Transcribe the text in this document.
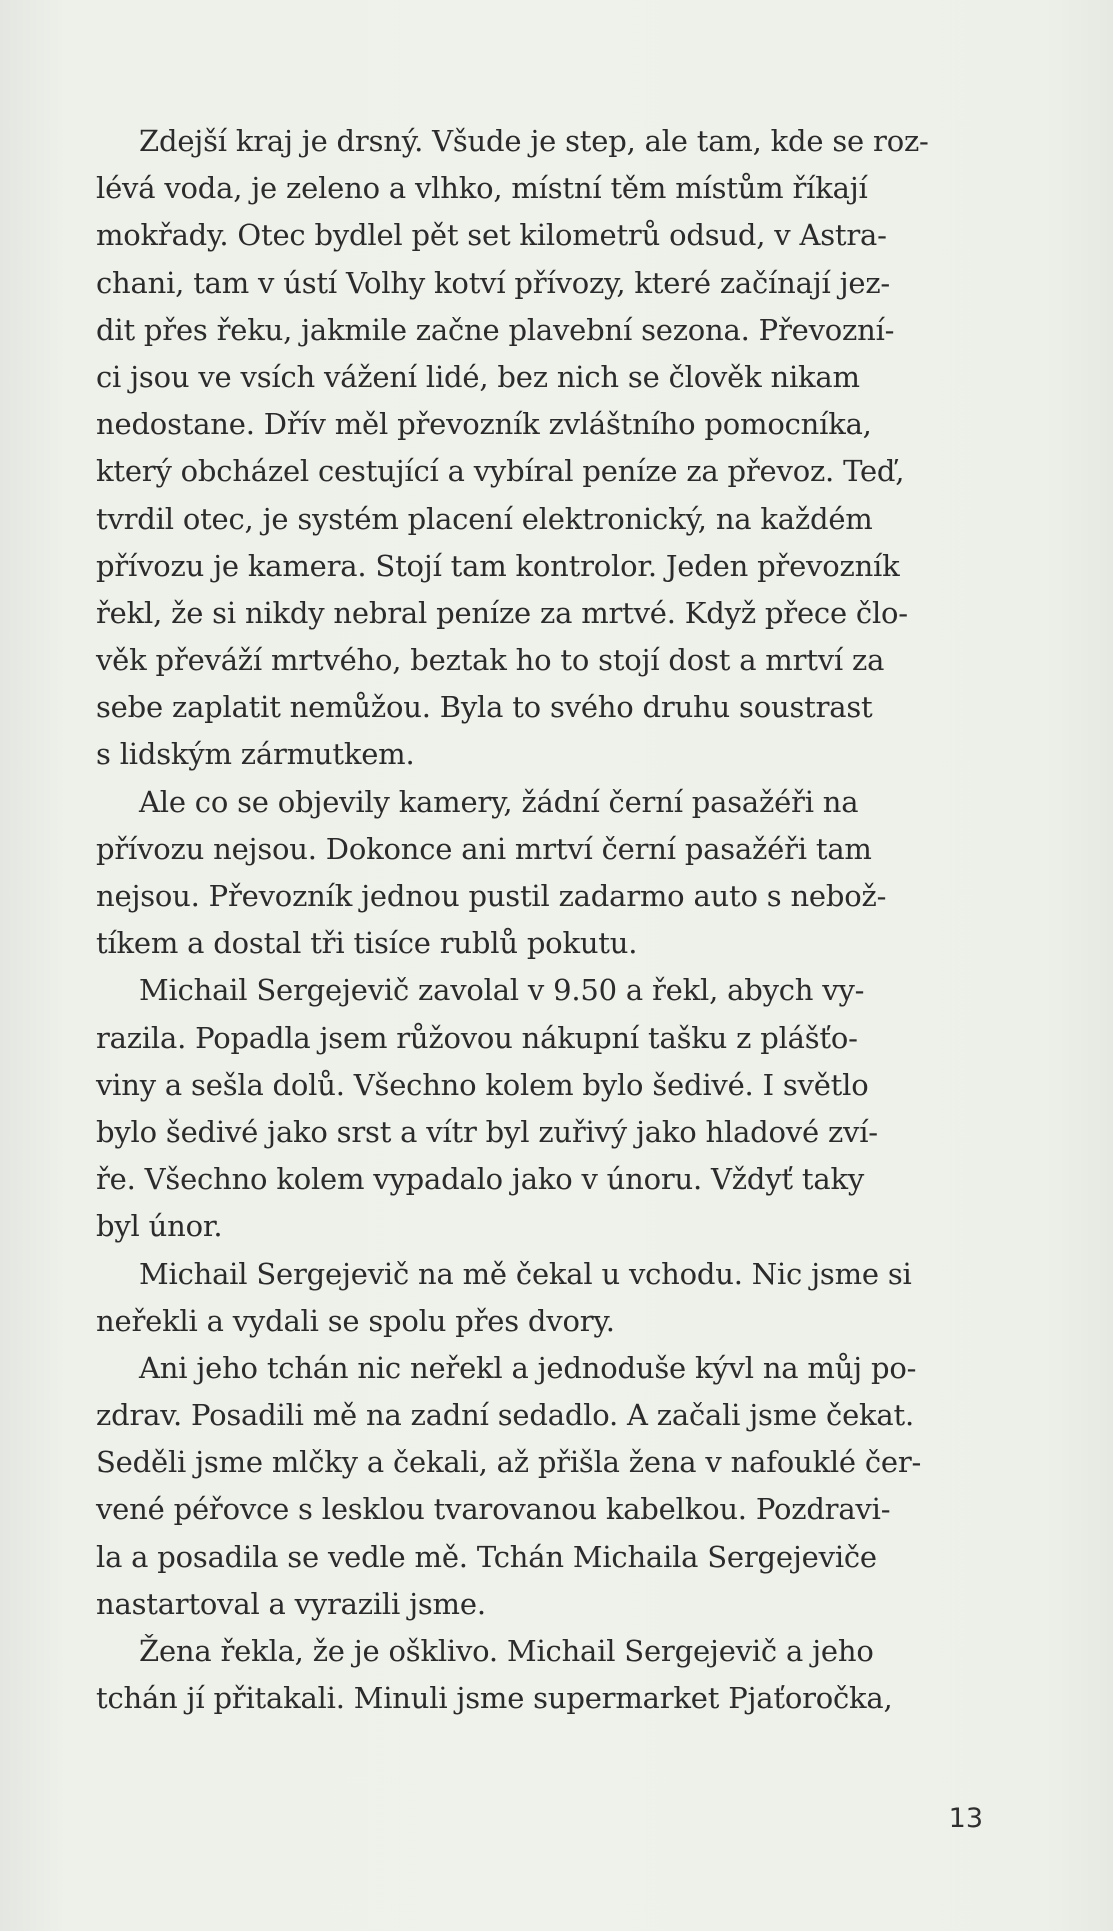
Zdejší kraj je drsný. Všude je step, ale tam, kde se roz-
lévá voda, je zeleno a vlhko, místní těm místům říkají
mokřady. Otec bydlel pět set kilometrů odsud, v Astra-
chani, tam v ústí Volhy kotví přívozy, které začínají jez-
dit přes řeku, jakmile začne plavební sezona. Převozní-
ci jsou ve vsích vážení lidé, bez nich se člověk nikam
nedostane. Dřív měl převozník zvláštního pomocníka,
který obcházel cestující a vybíral peníze za převoz. Teď,
tvrdil otec, je systém placení elektronický, na každém
přívozu je kamera. Stojí tam kontrolor. Jeden převozník
řekl, že si nikdy nebral peníze za mrtvé. Když přece člo-
věk převáží mrtvého, beztak ho to stojí dost a mrtví za
sebe zaplatit nemůžou. Byla to svého druhu soustrast
s lidským zármutkem.
Ale co se objevily kamery, žádní černí pasažéři na
přívozu nejsou. Dokonce ani mrtví černí pasažéři tam
nejsou. Převozník jednou pustil zadarmo auto s nebož-
tíkem a dostal tři tisíce rublů pokutu.
Michail Sergejevič zavolal v 9.50 a řekl, abych vy-
razila. Popadla jsem růžovou nákupní tašku z plášťo-
viny a sešla dolů. Všechno kolem bylo šedivé. I světlo
bylo šedivé jako srst a vítr byl zuřivý jako hladové zví-
ře. Všechno kolem vypadalo jako v únoru. Vždyť taky
byl únor.
Michail Sergejevič na mě čekal u vchodu. Nic jsme si
neřekli a vydali se spolu přes dvory.
Ani jeho tchán nic neřekl a jednoduše kývl na můj po-
zdrav. Posadili mě na zadní sedadlo. A začali jsme čekat.
Seděli jsme mlčky a čekali, až přišla žena v nafouklé čer-
vené péřovce s lesklou tvarovanou kabelkou. Pozdravi-
la a posadila se vedle mě. Tchán Michaila Sergejeviče
nastartoval a vyrazili jsme.
Žena řekla, že je ošklivo. Michail Sergejevič a jeho
tchán jí přitakali. Minuli jsme supermarket Pjaťoročka,
13
